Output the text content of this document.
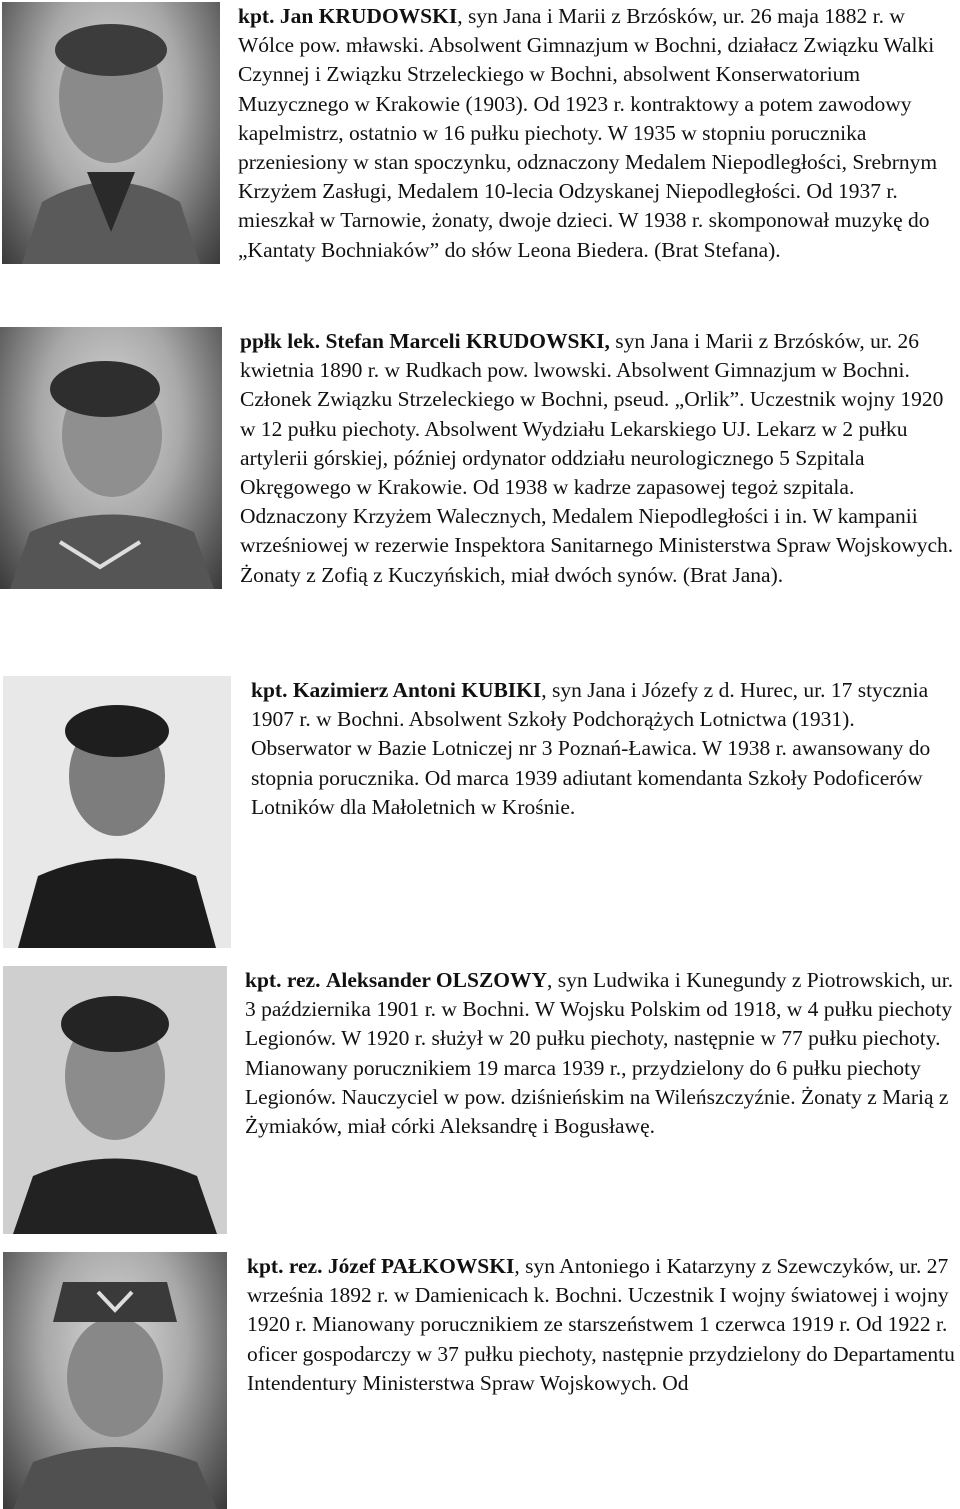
kpt. Jan KRUDOWSKI, syn Jana i Marii z Brzósków, ur. 26 maja 1882 r. w Wólce pow. mławski. Absolwent Gimnazjum w Bochni, działacz Związku Walki Czynnej i Związku Strzeleckiego w Bochni, absolwent Konserwatorium Muzycznego w Krakowie (1903). Od 1923 r. kontraktowy a potem zawodowy kapelmistrz, ostatnio w 16 pułku piechoty. W 1935 w stopniu porucznika przeniesiony w stan spoczynku, odznaczony Medalem Niepodległości, Srebrnym Krzyżem Zasługi, Medalem 10-lecia Odzyskanej Niepodległości. Od 1937 r. mieszkał w Tarnowie, żonaty, dwoje dzieci. W 1938 r. skomponował muzykę do „Kantaty Bochniaków” do słów Leona Biedera. (Brat Stefana).

ppłk lek. Stefan Marceli KRUDOWSKI, syn Jana i Marii z Brzósków, ur. 26 kwietnia 1890 r. w Rudkach pow. lwowski. Absolwent Gimnazjum w Bochni. Członek Związku Strzeleckiego w Bochni, pseud. „Orlik”. Uczestnik wojny 1920 w 12 pułku piechoty. Absolwent Wydziału Lekarskiego UJ. Lekarz w 2 pułku artylerii górskiej, później ordynator oddziału neurologicznego 5 Szpitala Okręgowego w Krakowie. Od 1938 w kadrze zapasowej tegoż szpitala. Odznaczony Krzyżem Walecznych, Medalem Niepodległości i in. W kampanii wrześniowej w rezerwie Inspektora Sanitarnego Ministerstwa Spraw Wojskowych. Żonaty z Zofią z Kuczyńskich, miał dwóch synów. (Brat Jana).

kpt. Kazimierz Antoni KUBIKI, syn Jana i Józefy z d. Hurec, ur. 17 stycznia 1907 r. w Bochni. Absolwent Szkoły Podchorążych Lotnictwa (1931). Obserwator w Bazie Lotniczej nr 3 Poznań-Ławica. W 1938 r. awansowany do stopnia porucznika. Od marca 1939 adiutant komendanta Szkoły Podoficerów Lotników dla Małoletnich w Krośnie.

kpt. rez. Aleksander OLSZOWY, syn Ludwika i Kunegundy z Piotrowskich, ur. 3 października 1901 r. w Bochni. W Wojsku Polskim od 1918, w 4 pułku piechoty Legionów. W 1920 r. służył w 20 pułku piechoty, następnie w 77 pułku piechoty. Mianowany porucznikiem 19 marca 1939 r., przydzielony do 6 pułku piechoty Legionów. Nauczyciel w pow. dziśnieńskim na Wileńszczyźnie. Żonaty z Marią z Żymiaków, miał córki Aleksandrę i Bogusławę.

kpt. rez. Józef PAŁKOWSKI, syn Antoniego i Katarzyny z Szewczyków, ur. 27 września 1892 r. w Damienicach k. Bochni. Uczestnik I wojny światowej i wojny 1920 r. Mianowany porucznikiem ze starszeństwem 1 czerwca 1919 r. Od 1922 r. oficer gospodarczy w 37 pułku piechoty, następnie przydzielony do Departamentu Intendentury Ministerstwa Spraw Wojskowych. Od
